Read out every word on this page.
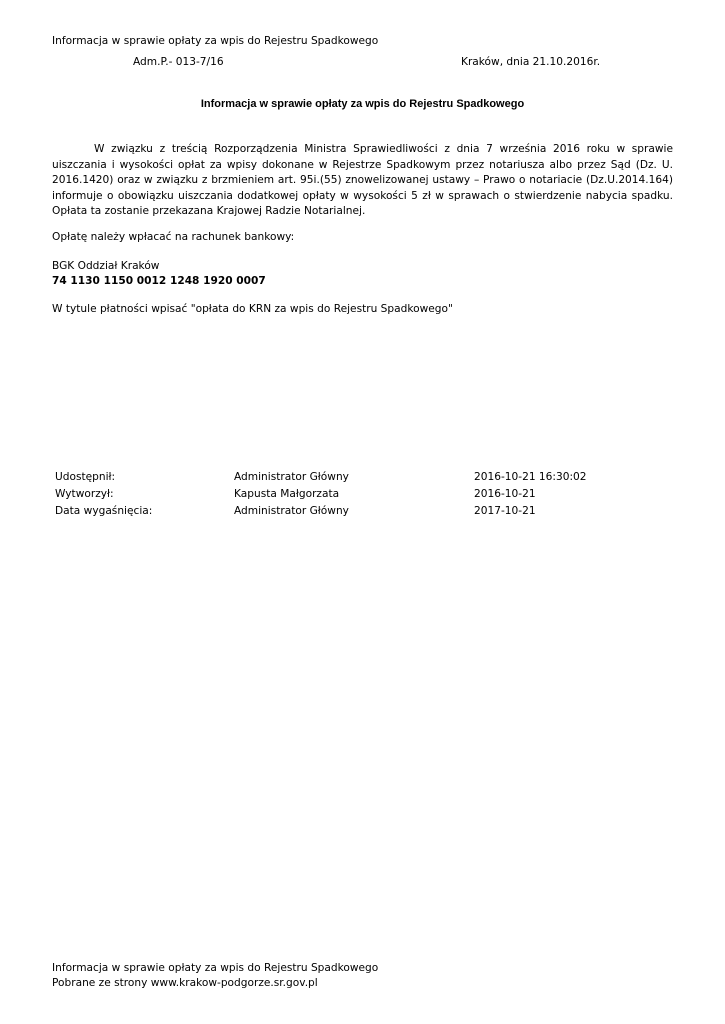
Informacja w sprawie opłaty za wpis do Rejestru Spadkowego
Adm.P.- 013-7/16	Kraków, dnia 21.10.2016r.
Informacja w sprawie opłaty za wpis do Rejestru Spadkowego

W związku z treścią Rozporządzenia Ministra Sprawiedliwości z dnia 7 września 2016 roku w sprawie uiszczania i wysokości opłat za wpisy dokonane w Rejestrze Spadkowym przez notariusza albo przez Sąd (Dz. U. 2016.1420) oraz w związku z brzmieniem art. 95i.(55) znowelizowanej ustawy – Prawo o notariacie (Dz.U.2014.164) informuje o obowiązku uiszczania dodatkowej opłaty w wysokości 5 zł w sprawach o stwierdzenie nabycia spadku. Opłata ta zostanie przekazana Krajowej Radzie Notarialnej.

Opłatę należy wpłacać na rachunek bankowy:
BGK Oddział Kraków
74 1130 1150 0012 1248 1920 0007
W tytule płatności wpisać "opłata do KRN za wpis do Rejestru Spadkowego"
Udostępnił:	Administrator Główny	2016-10-21 16:30:02
Wytworzył:	Kapusta Małgorzata	2016-10-21
Data wygaśnięcia:	Administrator Główny	2017-10-21
Informacja w sprawie opłaty za wpis do Rejestru Spadkowego
Pobrane ze strony www.krakow-podgorze.sr.gov.pl
